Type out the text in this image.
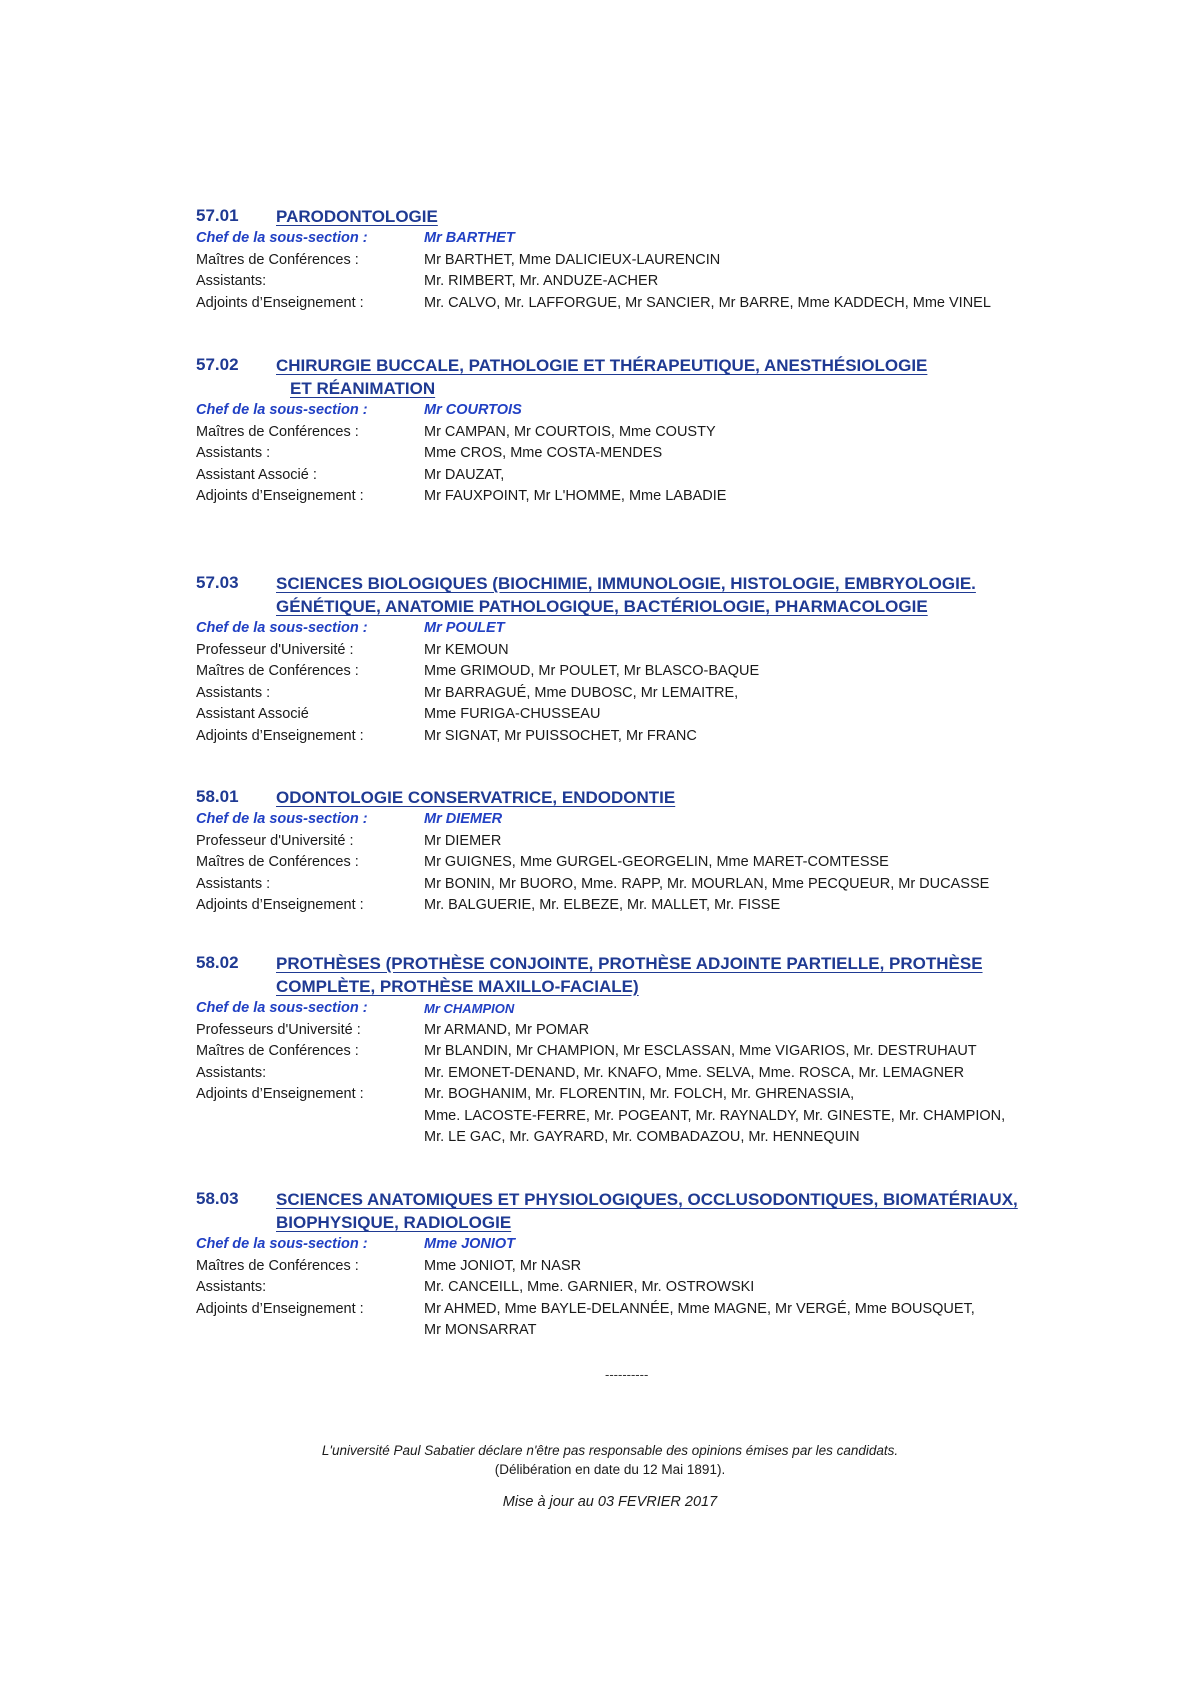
57.01	PARODONTOLOGIE
Chef de la sous-section :	Mr BARTHET
Maîtres de Conférences :	Mr BARTHET, Mme DALICIEUX-LAURENCIN
Assistants:	Mr. RIMBERT, Mr. ANDUZE-ACHER
Adjoints d’Enseignement :	Mr. CALVO, Mr. LAFFORGUE, Mr SANCIER, Mr BARRE, Mme KADDECH, Mme VINEL
57.02	CHIRURGIE BUCCALE, PATHOLOGIE ET THÉRAPEUTIQUE, ANESTHÉSIOLOGIE
ET RÉANIMATION
Chef de la sous-section :	Mr COURTOIS
Maîtres de Conférences :	Mr CAMPAN, Mr COURTOIS, Mme COUSTY
Assistants :	Mme CROS, Mme COSTA-MENDES
Assistant Associé :	Mr DAUZAT,
Adjoints d’Enseignement :	Mr FAUXPOINT, Mr L'HOMME, Mme LABADIE
57.03	SCIENCES BIOLOGIQUES (BIOCHIMIE, IMMUNOLOGIE, HISTOLOGIE, EMBRYOLOGIE.
GÉNÉTIQUE, ANATOMIE PATHOLOGIQUE, BACTÉRIOLOGIE, PHARMACOLOGIE
Chef de la sous-section :	Mr POULET
Professeur d'Université :	Mr KEMOUN
Maîtres de Conférences :	Mme GRIMOUD, Mr POULET, Mr BLASCO-BAQUE
Assistants :	Mr BARRAGUÉ, Mme DUBOSC, Mr LEMAITRE,
Assistant Associé	Mme FURIGA-CHUSSEAU
Adjoints d’Enseignement :	Mr SIGNAT, Mr PUISSOCHET, Mr FRANC
58.01	ODONTOLOGIE CONSERVATRICE, ENDODONTIE
Chef de la sous-section :	Mr DIEMER
Professeur d'Université :	Mr DIEMER
Maîtres de Conférences :	Mr GUIGNES, Mme GURGEL-GEORGELIN, Mme MARET-COMTESSE
Assistants :	Mr BONIN, Mr BUORO, Mme. RAPP, Mr. MOURLAN, Mme PECQUEUR, Mr DUCASSE
Adjoints d’Enseignement :	Mr. BALGUERIE, Mr. ELBEZE, Mr. MALLET, Mr. FISSE
58.02	PROTHÈSES (PROTHÈSE CONJOINTE, PROTHÈSE ADJOINTE PARTIELLE, PROTHÈSE
COMPLÈTE, PROTHÈSE MAXILLO-FACIALE)
Chef de la sous-section :	Mr CHAMPION
Professeurs d'Université :	Mr ARMAND, Mr POMAR
Maîtres de Conférences :	Mr BLANDIN, Mr CHAMPION, Mr ESCLASSAN, Mme VIGARIOS, Mr. DESTRUHAUT
Assistants:	Mr. EMONET-DENAND, Mr. KNAFO, Mme. SELVA, Mme. ROSCA, Mr. LEMAGNER
Adjoints d’Enseignement :	Mr. BOGHANIM, Mr. FLORENTIN, Mr. FOLCH, Mr. GHRENASSIA,
Mme. LACOSTE-FERRE, Mr. POGEANT, Mr. RAYNALDY, Mr. GINESTE, Mr. CHAMPION,
Mr. LE GAC, Mr. GAYRARD, Mr. COMBADAZOU, Mr. HENNEQUIN
58.03	SCIENCES ANATOMIQUES ET PHYSIOLOGIQUES, OCCLUSODONTIQUES, BIOMATÉRIAUX,
BIOPHYSIQUE, RADIOLOGIE
Chef de la sous-section :	Mme JONIOT
Maîtres de Conférences :	Mme JONIOT, Mr NASR
Assistants:	Mr. CANCEILL, Mme. GARNIER, Mr. OSTROWSKI
Adjoints d’Enseignement :	Mr AHMED, Mme BAYLE-DELANNÉE, Mme MAGNE, Mr VERGÉ, Mme BOUSQUET,
Mr MONSARRAT
----------
L'université Paul Sabatier déclare n'être pas responsable des opinions émises par les candidats.
(Délibération en date du 12 Mai 1891).
Mise à jour au 03 FEVRIER 2017
